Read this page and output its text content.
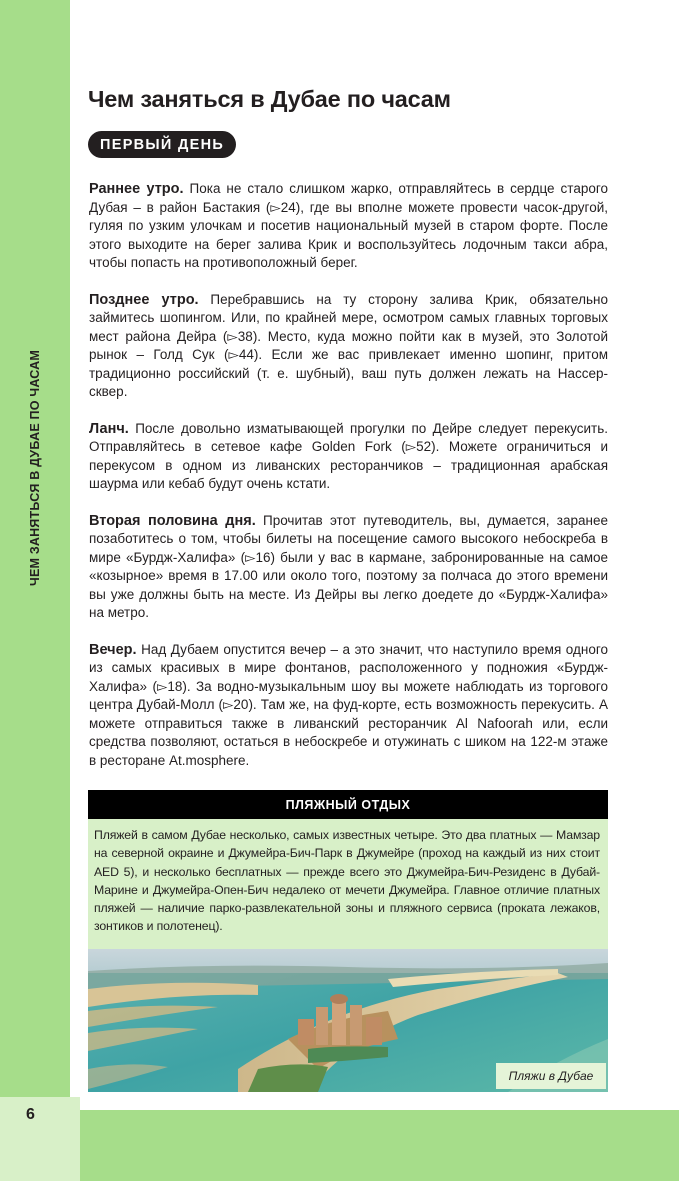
ЧЕМ ЗАНЯТЬСЯ В ДУБАЕ ПО ЧАСАМ
Чем заняться в Дубае по часам
ПЕРВЫЙ ДЕНЬ

Раннее утро. Пока не стало слишком жарко, отправляйтесь в сердце старого Дубая – в район Бастакия (▻24), где вы вполне можете провести часок-другой, гуляя по узким улочкам и посетив национальный музей в старом форте. После этого выходите на берег залива Крик и воспользуйтесь лодочным такси абра, чтобы попасть на противоположный берег.

Позднее утро. Перебравшись на ту сторону залива Крик, обязательно займитесь шопингом. Или, по крайней мере, осмотром самых главных торговых мест района Дейра (▻38). Место, куда можно пойти как в музей, это Золотой рынок – Голд Сук (▻44). Если же вас привлекает именно шопинг, притом традиционно российский (т. е. шубный), ваш путь должен лежать на Нассер-сквер.

Ланч. После довольно изматывающей прогулки по Дейре следует перекусить. Отправляйтесь в сетевое кафе Golden Fork (▻52). Можете ограничиться и перекусом в одном из ливанских ресторанчиков – традиционная арабская шаурма или кебаб будут очень кстати.

Вторая половина дня. Прочитав этот путеводитель, вы, думается, заранее позаботитесь о том, чтобы билеты на посещение самого высокого небоскреба в мире «Бурдж-Халифа» (▻16) были у вас в кармане, забронированные на самое «козырное» время в 17.00 или около того, поэтому за полчаса до этого времени вы уже должны быть на месте. Из Дейры вы легко доедете до «Бурдж-Халифа» на метро.

Вечер. Над Дубаем опустится вечер – а это значит, что наступило время одного из самых красивых в мире фонтанов, расположенного у подножия «Бурдж-Халифа» (▻18). За водно-музыкальным шоу вы можете наблюдать из торгового центра Дубай-Молл (▻20). Там же, на фуд-корте, есть возможность перекусить. А можете отправиться также в ливанский ресторанчик Al Nafoorah или, если средства позволяют, остаться в небоскребе и отужинать с шиком на 122-м этаже в ресторане At.mosphere.

ПЛЯЖНЫЙ ОТДЫХ
Пляжей в самом Дубае несколько, самых известных четыре. Это два платных — Мамзар на северной окраине и Джумейра-Бич-Парк в Джумейре (проход на каждый из них стоит AED 5), и несколько бесплатных — прежде всего это Джумейра-Бич-Резиденс в Дубай-Марине и Джумейра-Опен-Бич недалеко от мечети Джумейра. Главное отличие платных пляжей — наличие парко-развлекательной зоны и пляжного сервиса (проката лежаков, зонтиков и полотенец).
Пляжи в Дубае
6
